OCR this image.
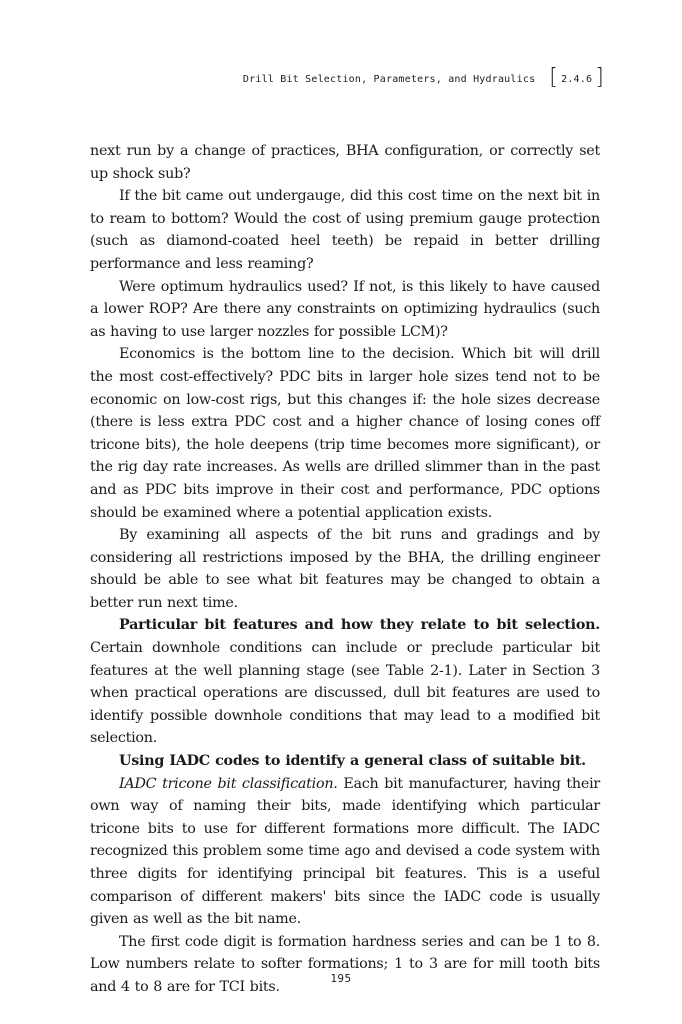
Drill Bit Selection, Parameters, and Hydraulics [ 2.4.6 ]

next run by a change of practices, BHA configuration, or correctly set up shock sub?

If the bit came out undergauge, did this cost time on the next bit in to ream to bottom? Would the cost of using premium gauge protection (such as diamond-coated heel teeth) be repaid in better drilling performance and less reaming?

Were optimum hydraulics used? If not, is this likely to have caused a lower ROP? Are there any constraints on optimizing hydraulics (such as having to use larger nozzles for possible LCM)?

Economics is the bottom line to the decision. Which bit will drill the most cost-effectively? PDC bits in larger hole sizes tend not to be economic on low-cost rigs, but this changes if: the hole sizes decrease (there is less extra PDC cost and a higher chance of losing cones off tricone bits), the hole deepens (trip time becomes more significant), or the rig day rate increases. As wells are drilled slimmer than in the past and as PDC bits improve in their cost and performance, PDC options should be examined where a potential application exists.

By examining all aspects of the bit runs and gradings and by considering all restrictions imposed by the BHA, the drilling engineer should be able to see what bit features may be changed to obtain a better run next time.

Particular bit features and how they relate to bit selection. Certain downhole conditions can include or preclude particular bit features at the well planning stage (see Table 2-1). Later in Section 3 when practical operations are discussed, dull bit features are used to identify possible downhole conditions that may lead to a modified bit selection.

Using IADC codes to identify a general class of suitable bit.

IADC tricone bit classification. Each bit manufacturer, having their own way of naming their bits, made identifying which particular tricone bits to use for different formations more difficult. The IADC recognized this problem some time ago and devised a code system with three digits for identifying principal bit features. This is a useful comparison of different makers' bits since the IADC code is usually given as well as the bit name.

The first code digit is formation hardness series and can be 1 to 8. Low numbers relate to softer formations; 1 to 3 are for mill tooth bits and 4 to 8 are for TCI bits.

195
